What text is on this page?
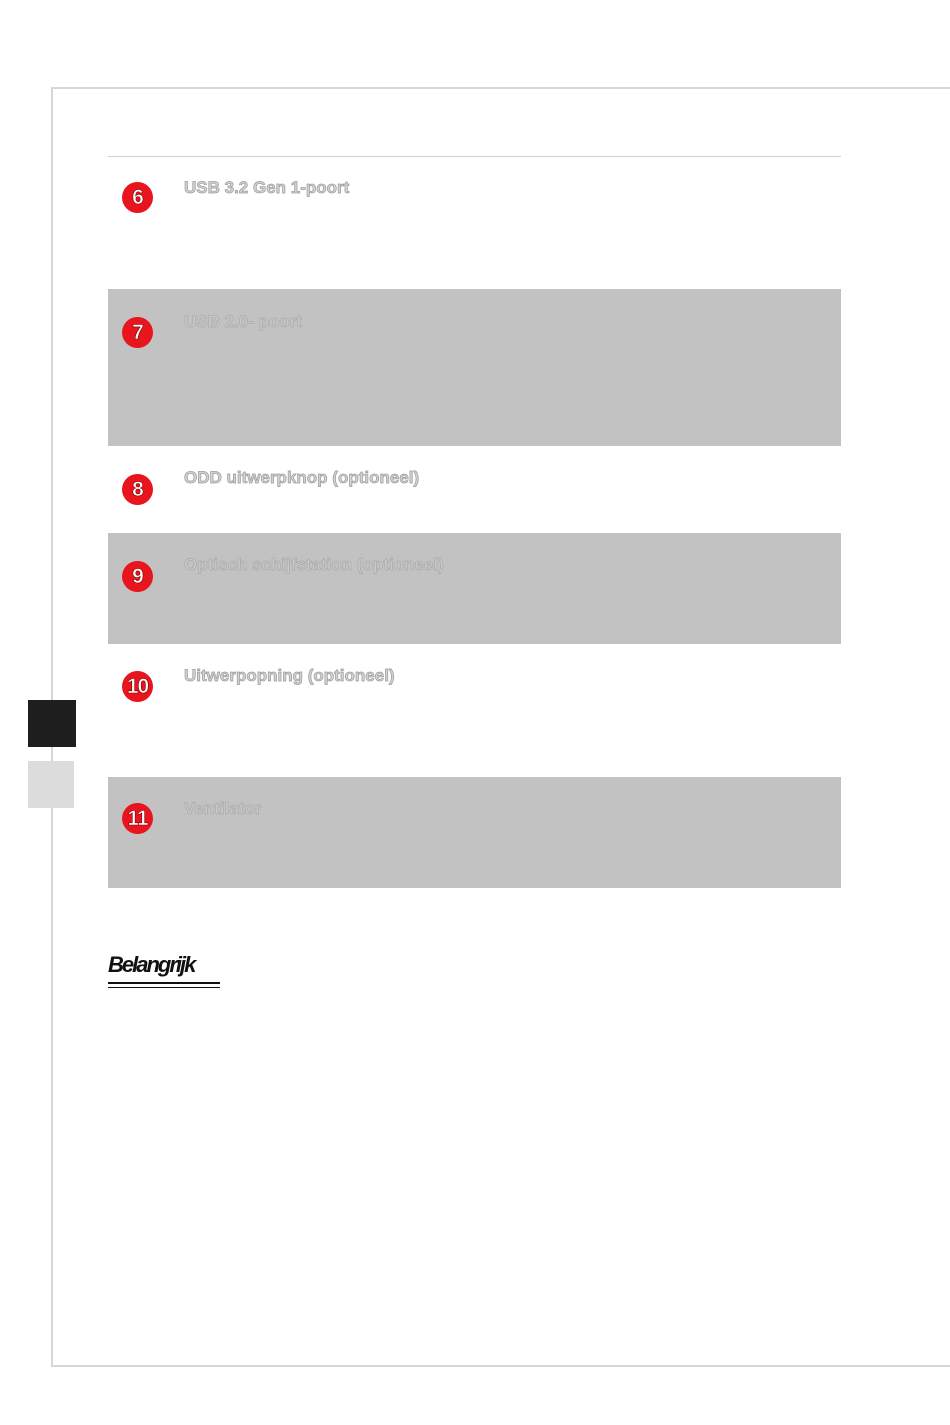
6	USB 3.2 Gen 1-poort
7	USB 2.0- poort
8	ODD uitwerpknop (optioneel)
9	Optisch schijfstation (optioneel)
10 Uitwerpopning (optioneel)
11	Ventilator
Belangrijk
